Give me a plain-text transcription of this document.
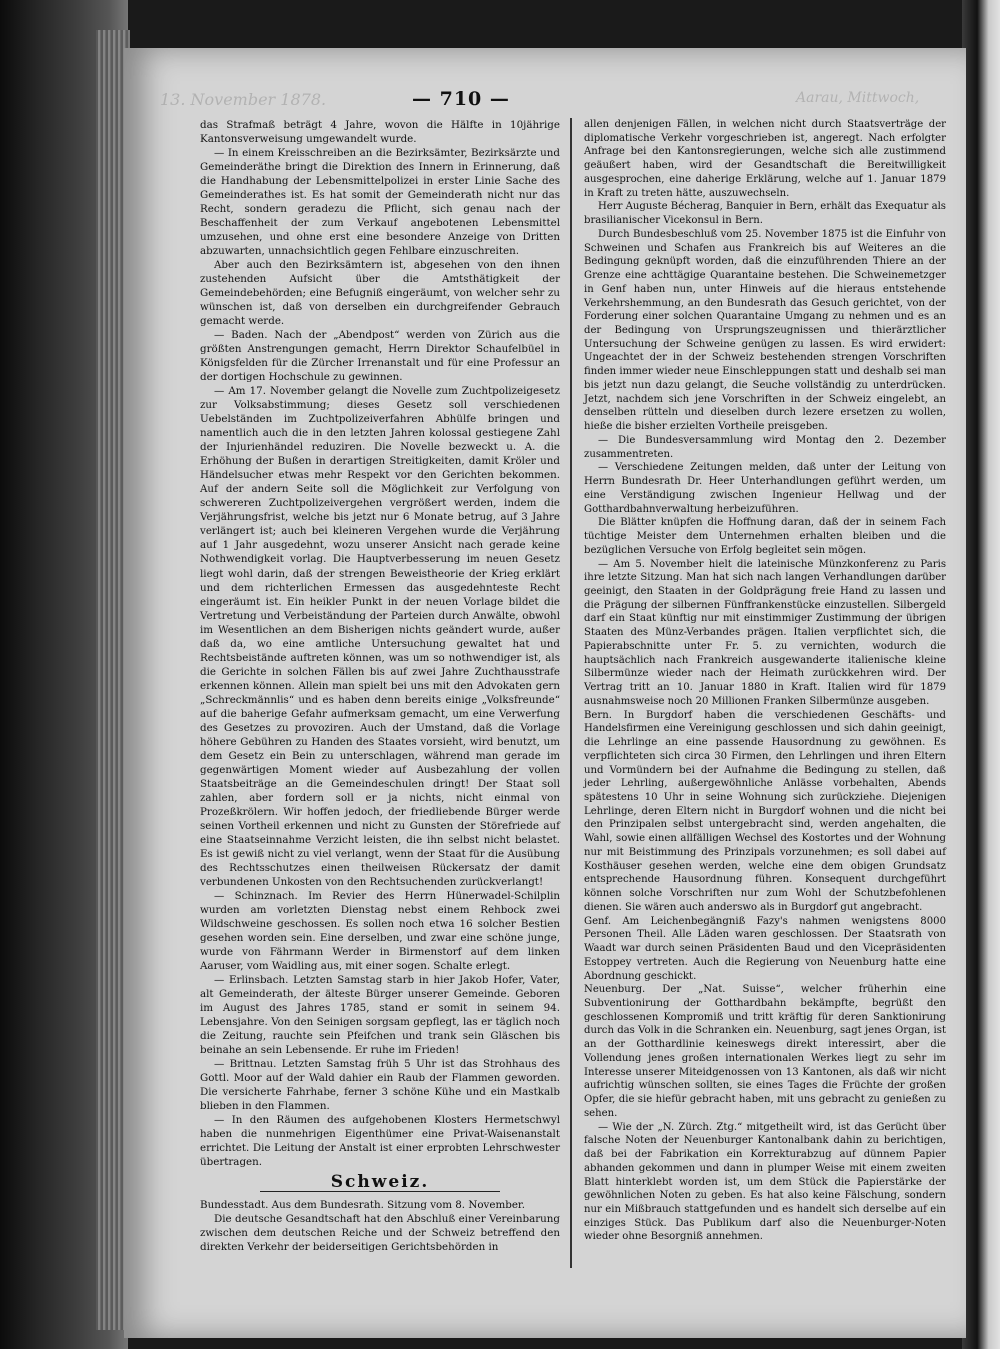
13. November 1878.	Aarau, Mittwoch,
— 710 —

das Strafmaß beträgt 4 Jahre, wovon die Hälfte in 10jährige Kantonsverweisung umgewandelt wurde.

— In einem Kreisschreiben an die Bezirksämter, Bezirksärzte und Gemeinderäthe bringt die Direktion des Innern in Erinnerung, daß die Handhabung der Lebensmittelpolizei in erster Linie Sache des Gemeinderathes ist. Es hat somit der Gemeinderath nicht nur das Recht, sondern geradezu die Pflicht, sich genau nach der Beschaffenheit der zum Verkauf angebotenen Lebensmittel umzusehen, und ohne erst eine besondere Anzeige von Dritten abzuwarten, unnachsichtlich gegen Fehlbare einzuschreiten.

Aber auch den Bezirksämtern ist, abgesehen von den ihnen zustehenden Aufsicht über die Amtsthätigkeit der Gemeindebehörden; eine Befugniß eingeräumt, von welcher sehr zu wünschen ist, daß von derselben ein durchgreifender Gebrauch gemacht werde.

— Baden. Nach der „Abendpost“ werden von Zürich aus die größten Anstrengungen gemacht, Herrn Direktor Schaufelbüel in Königsfelden für die Zürcher Irrenanstalt und für eine Professur an der dortigen Hochschule zu gewinnen.

— Am 17. November gelangt die Novelle zum Zuchtpolizeigesetz zur Volksabstimmung; dieses Gesetz soll verschiedenen Uebelständen im Zuchtpolizeiverfahren Abhülfe bringen und namentlich auch die in den letzten Jahren kolossal gestiegene Zahl der Injurienhändel reduziren. Die Novelle bezweckt u. A. die Erhöhung der Bußen in derartigen Streitigkeiten, damit Kröler und Händelsucher etwas mehr Respekt vor den Gerichten bekommen. Auf der andern Seite soll die Möglichkeit zur Verfolgung von schwereren Zuchtpolizeivergehen vergrößert werden, indem die Verjährungsfrist, welche bis jetzt nur 6 Monate betrug, auf 3 Jahre verlängert ist; auch bei kleineren Vergehen wurde die Verjährung auf 1 Jahr ausgedehnt, wozu unserer Ansicht nach gerade keine Nothwendigkeit vorlag. Die Hauptverbesserung im neuen Gesetz liegt wohl darin, daß der strengen Beweistheorie der Krieg erklärt und dem richterlichen Ermessen das ausgedehnteste Recht eingeräumt ist. Ein heikler Punkt in der neuen Vorlage bildet die Vertretung und Verbeiständung der Parteien durch Anwälte, obwohl im Wesentlichen an dem Bisherigen nichts geändert wurde, außer daß da, wo eine amtliche Untersuchung gewaltet hat und Rechtsbeistände auftreten können, was um so nothwendiger ist, als die Gerichte in solchen Fällen bis auf zwei Jahre Zuchthausstrafe erkennen können. Allein man spielt bei uns mit den Advokaten gern „Schreckmännlis“ und es haben denn bereits einige „Volksfreunde“ auf die baherige Gefahr aufmerksam gemacht, um eine Verwerfung des Gesetzes zu provoziren. Auch der Umstand, daß die Vorlage höhere Gebühren zu Handen des Staates vorsieht, wird benutzt, um dem Gesetz ein Bein zu unterschlagen, während man gerade im gegenwärtigen Moment wieder auf Ausbezahlung der vollen Staatsbeiträge an die Gemeindeschulen dringt! Der Staat soll zahlen, aber fordern soll er ja nichts, nicht einmal von Prozeßkrölern. Wir hoffen jedoch, der friedliebende Bürger werde seinen Vortheil erkennen und nicht zu Gunsten der Störefriede auf eine Staatseinnahme Verzicht leisten, die ihn selbst nicht belastet. Es ist gewiß nicht zu viel verlangt, wenn der Staat für die Ausübung des Rechtsschutzes einen theilweisen Rückersatz der damit verbundenen Unkosten von den Rechtsuchenden zurückverlangt!

— Schinznach. Im Revier des Herrn Hünerwadel-Schilplin wurden am vorletzten Dienstag nebst einem Rehbock zwei Wildschweine geschossen. Es sollen noch etwa 16 solcher Bestien gesehen worden sein. Eine derselben, und zwar eine schöne junge, wurde von Fährmann Werder in Birmenstorf auf dem linken Aaruser, vom Waidling aus, mit einer sogen. Schalte erlegt.

— Erlinsbach. Letzten Samstag starb in hier Jakob Hofer, Vater, alt Gemeinderath, der älteste Bürger unserer Gemeinde. Geboren im August des Jahres 1785, stand er somit in seinem 94. Lebensjahre. Von den Seinigen sorgsam gepflegt, las er täglich noch die Zeitung, rauchte sein Pfeifchen und trank sein Gläschen bis beinahe an sein Lebensende. Er ruhe im Frieden!

— Brittnau. Letzten Samstag früh 5 Uhr ist das Strohhaus des Gottl. Moor auf der Wald dahier ein Raub der Flammen geworden. Die versicherte Fahrhabe, ferner 3 schöne Kühe und ein Mastkalb blieben in den Flammen.

— In den Räumen des aufgehobenen Klosters Hermetschwyl haben die nunmehrigen Eigenthümer eine Privat-Waisenanstalt errichtet. Die Leitung der Anstalt ist einer erprobten Lehrschwester übertragen.

Schweiz.

Bundesstadt. Aus dem Bundesrath. Sitzung vom 8. November.

Die deutsche Gesandtschaft hat den Abschluß einer Vereinbarung zwischen dem deutschen Reiche und der Schweiz betreffend den direkten Verkehr der beiderseitigen Gerichtsbehörden in

allen denjenigen Fällen, in welchen nicht durch Staatsverträge der diplomatische Verkehr vorgeschrieben ist, angeregt. Nach erfolgter Anfrage bei den Kantonsregierungen, welche sich alle zustimmend geäußert haben, wird der Gesandtschaft die Bereitwilligkeit ausgesprochen, eine daherige Erklärung, welche auf 1. Januar 1879 in Kraft zu treten hätte, auszuwechseln.

Herr Auguste Bécherag, Banquier in Bern, erhält das Exequatur als brasilianischer Vicekonsul in Bern.

Durch Bundesbeschluß vom 25. November 1875 ist die Einfuhr von Schweinen und Schafen aus Frankreich bis auf Weiteres an die Bedingung geknüpft worden, daß die einzuführenden Thiere an der Grenze eine achttägige Quarantaine bestehen. Die Schweinemetzger in Genf haben nun, unter Hinweis auf die hieraus entstehende Verkehrshemmung, an den Bundesrath das Gesuch gerichtet, von der Forderung einer solchen Quarantaine Umgang zu nehmen und es an der Bedingung von Ursprungszeugnissen und thierärztlicher Untersuchung der Schweine genügen zu lassen. Es wird erwidert: Ungeachtet der in der Schweiz bestehenden strengen Vorschriften finden immer wieder neue Einschleppungen statt und deshalb sei man bis jetzt nun dazu gelangt, die Seuche vollständig zu unterdrücken. Jetzt, nachdem sich jene Vorschriften in der Schweiz eingelebt, an denselben rütteln und dieselben durch lezere ersetzen zu wollen, hieße die bisher erzielten Vortheile preisgeben.

— Die Bundesversammlung wird Montag den 2. Dezember zusammentreten.

— Verschiedene Zeitungen melden, daß unter der Leitung von Herrn Bundesrath Dr. Heer Unterhandlungen geführt werden, um eine Verständigung zwischen Ingenieur Hellwag und der Gotthardbahnverwaltung herbeizuführen.

Die Blätter knüpfen die Hoffnung daran, daß der in seinem Fach tüchtige Meister dem Unternehmen erhalten bleiben und die bezüglichen Versuche von Erfolg begleitet sein mögen.

— Am 5. November hielt die lateinische Münzkonferenz zu Paris ihre letzte Sitzung. Man hat sich nach langen Verhandlungen darüber geeinigt, den Staaten in der Goldprägung freie Hand zu lassen und die Prägung der silbernen Fünffrankenstücke einzustellen. Silbergeld darf ein Staat künftig nur mit einstimmiger Zustimmung der übrigen Staaten des Münz-Verbandes prägen. Italien verpflichtet sich, die Papierabschnitte unter Fr. 5. zu vernichten, wodurch die hauptsächlich nach Frankreich ausgewanderte italienische kleine Silbermünze wieder nach der Heimath zurückkehren wird. Der Vertrag tritt an 10. Januar 1880 in Kraft. Italien wird für 1879 ausnahmsweise noch 20 Millionen Franken Silbermünze ausgeben.

Bern. In Burgdorf haben die verschiedenen Geschäfts- und Handelsfirmen eine Vereinigung geschlossen und sich dahin geeinigt, die Lehrlinge an eine passende Hausordnung zu gewöhnen. Es verpflichteten sich circa 30 Firmen, den Lehrlingen und ihren Eltern und Vormündern bei der Aufnahme die Bedingung zu stellen, daß jeder Lehrling, außergewöhnliche Anlässe vorbehalten, Abends spätestens 10 Uhr in seine Wohnung sich zurückziehe. Diejenigen Lehrlinge, deren Eltern nicht in Burgdorf wohnen und die nicht bei den Prinzipalen selbst untergebracht sind, werden angehalten, die Wahl, sowie einen allfälligen Wechsel des Kostortes und der Wohnung nur mit Beistimmung des Prinzipals vorzunehmen; es soll dabei auf Kosthäuser gesehen werden, welche eine dem obigen Grundsatz entsprechende Hausordnung führen. Konsequent durchgeführt können solche Vorschriften nur zum Wohl der Schutzbefohlenen dienen. Sie wären auch anderswo als in Burgdorf gut angebracht.

Genf. Am Leichenbegängniß Fazy's nahmen wenigstens 8000 Personen Theil. Alle Läden waren geschlossen. Der Staatsrath von Waadt war durch seinen Präsidenten Baud und den Vicepräsidenten Estoppey vertreten. Auch die Regierung von Neuenburg hatte eine Abordnung geschickt.

Neuenburg. Der „Nat. Suisse“, welcher früherhin eine Subventionirung der Gotthardbahn bekämpfte, begrüßt den geschlossenen Kompromiß und tritt kräftig für deren Sanktionirung durch das Volk in die Schranken ein. Neuenburg, sagt jenes Organ, ist an der Gotthardlinie keineswegs direkt interessirt, aber die Vollendung jenes großen internationalen Werkes liegt zu sehr im Interesse unserer Miteidgenossen von 13 Kantonen, als daß wir nicht aufrichtig wünschen sollten, sie eines Tages die Früchte der großen Opfer, die sie hiefür gebracht haben, mit uns gebracht zu genießen zu sehen.

— Wie der „N. Zürch. Ztg.“ mitgetheilt wird, ist das Gerücht über falsche Noten der Neuenburger Kantonalbank dahin zu berichtigen, daß bei der Fabrikation ein Korrekturabzug auf dünnem Papier abhanden gekommen und dann in plumper Weise mit einem zweiten Blatt hinterklebt worden ist, um dem Stück die Papierstärke der gewöhnlichen Noten zu geben. Es hat also keine Fälschung, sondern nur ein Mißbrauch stattgefunden und es handelt sich derselbe auf ein einziges Stück. Das Publikum darf also die Neuenburger-Noten wieder ohne Besorgniß annehmen.
